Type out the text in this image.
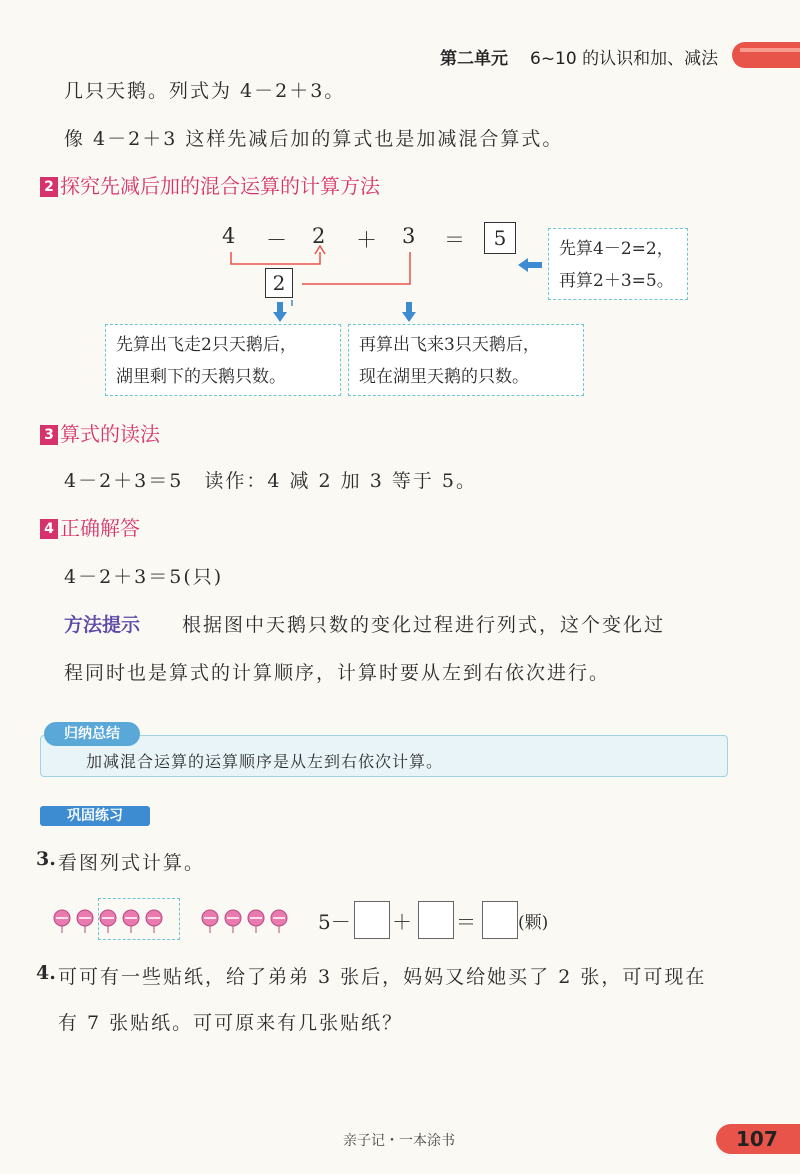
第二单元 6~10 的认识和加、减法
几只天鹅。列式为 4－2＋3。
像 4－2＋3 这样先减后加的算式也是加减混合算式。
2 探究先减后加的混合运算的计算方法
4 － 2 ＋ 3 ＝	5
2
先算4－2=2，
再算2＋3=5。
先算出飞走2只天鹅后，
湖里剩下的天鹅只数。
再算出飞来3只天鹅后，
现在湖里天鹅的只数。
3 算式的读法
4－2＋3＝5　读作：4 减 2 加 3 等于 5。
4 正确解答
4－2＋3＝5(只)
方法提示 根据图中天鹅只数的变化过程进行列式，这个变化过
程同时也是算式的计算顺序，计算时要从左到右依次进行。
归纳总结
加减混合运算的运算顺序是从左到右依次计算。
巩固练习
3. 看图列式计算。
5－ ＋ ＝ (颗)
4. 可可有一些贴纸，给了弟弟 3 张后，妈妈又给她买了 2 张，可可现在
有 7 张贴纸。可可原来有几张贴纸？
亲子记・一本涂书	107
